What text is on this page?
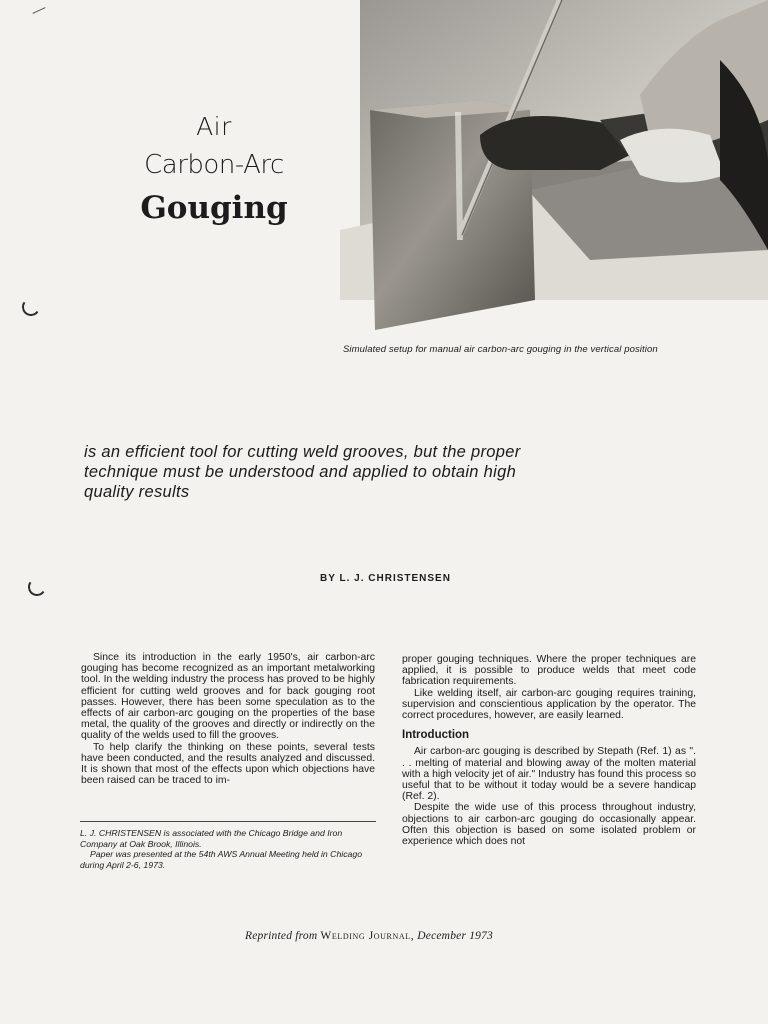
Air
Carbon-Arc
Gouging
Simulated setup for manual air carbon-arc gouging in the vertical position
is an efficient tool for cutting weld grooves, but the proper technique must be understood and applied to obtain high quality results
BY L. J. CHRISTENSEN

Since its introduction in the early 1950's, air carbon-arc gouging has become recognized as an important metalworking tool. In the welding industry the process has proved to be highly efficient for cutting weld grooves and for back gouging root passes. However, there has been some speculation as to the effects of air carbon-arc gouging on the properties of the base metal, the quality of the grooves and directly or indirectly on the quality of the welds used to fill the grooves.

To help clarify the thinking on these points, several tests have been conducted, and the results analyzed and discussed. It is shown that most of the effects upon which objections have been raised can be traced to im-

L. J. CHRISTENSEN is associated with the Chicago Bridge and Iron Company at Oak Brook, Illinois.

Paper was presented at the 54th AWS Annual Meeting held in Chicago during April 2-6, 1973.

proper gouging techniques. Where the proper techniques are applied, it is possible to produce welds that meet code fabrication requirements.

Like welding itself, air carbon-arc gouging requires training, supervision and conscientious application by the operator. The correct procedures, however, are easily learned.

Introduction

Air carbon-arc gouging is described by Stepath (Ref. 1) as ". . . melting of material and blowing away of the molten material with a high velocity jet of air." Industry has found this process so useful that to be without it today would be a severe handicap (Ref. 2).

Despite the wide use of this process throughout industry, objections to air carbon-arc gouging do occasionally appear. Often this objection is based on some isolated problem or experience which does not

Reprinted from Welding Journal, December 1973
